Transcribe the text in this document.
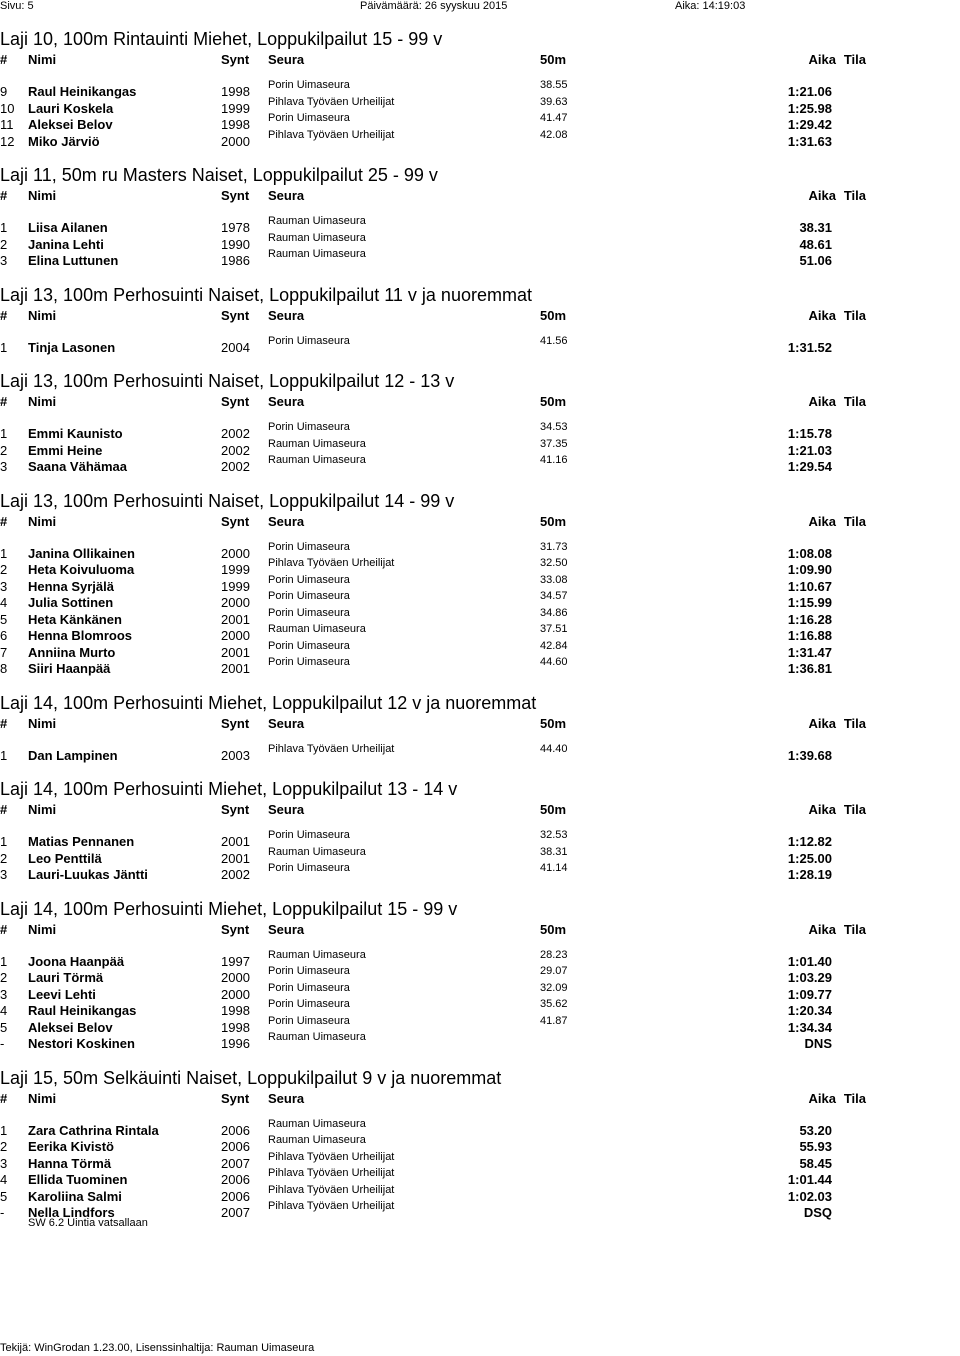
Sivu: 5	Päivämäärä: 26 syyskuu 2015	Aika: 14:19:03
Laji 10, 100m Rintauinti Miehet, Loppukilpailut 15 - 99 v
# Nimi	Synt Seura	50m	Aika Tila
9 Raul Heinikangas	1998 Porin Uimaseura	38.55	1:21.06
10 Lauri Koskela	1999 Pihlava Työväen Urheilijat	39.63	1:25.98
11 Aleksei Belov	1998 Porin Uimaseura	41.47	1:29.42
12 Miko Järviö	2000 Pihlava Työväen Urheilijat	42.08	1:31.63
Laji 11, 50m ru Masters Naiset, Loppukilpailut 25 - 99 v
# Nimi	Synt Seura	Aika Tila
1 Liisa Ailanen	1978 Rauman Uimaseura	38.31
2 Janina Lehti	1990 Rauman Uimaseura	48.61
3 Elina Luttunen	1986 Rauman Uimaseura	51.06
Laji 13, 100m Perhosuinti Naiset, Loppukilpailut 11 v ja nuoremmat
# Nimi	Synt Seura	50m	Aika Tila
1 Tinja Lasonen	2004 Porin Uimaseura	41.56	1:31.52
Laji 13, 100m Perhosuinti Naiset, Loppukilpailut 12 - 13 v
# Nimi	Synt Seura	50m	Aika Tila
1 Emmi Kaunisto	2002 Porin Uimaseura	34.53	1:15.78
2 Emmi Heine	2002 Rauman Uimaseura	37.35	1:21.03
3 Saana Vähämaa	2002 Rauman Uimaseura	41.16	1:29.54
Laji 13, 100m Perhosuinti Naiset, Loppukilpailut 14 - 99 v
# Nimi	Synt Seura	50m	Aika Tila
1 Janina Ollikainen	2000 Porin Uimaseura	31.73	1:08.08
2 Heta Koivuluoma	1999 Pihlava Työväen Urheilijat	32.50	1:09.90
3 Henna Syrjälä	1999 Porin Uimaseura	33.08	1:10.67
4 Julia Sottinen	2000 Porin Uimaseura	34.57	1:15.99
5 Heta Känkänen	2001 Porin Uimaseura	34.86	1:16.28
6 Henna Blomroos	2000 Rauman Uimaseura	37.51	1:16.88
7 Anniina Murto	2001 Porin Uimaseura	42.84	1:31.47
8 Siiri Haanpää	2001 Porin Uimaseura	44.60	1:36.81
Laji 14, 100m Perhosuinti Miehet, Loppukilpailut 12 v ja nuoremmat
# Nimi	Synt Seura	50m	Aika Tila
1 Dan Lampinen	2003 Pihlava Työväen Urheilijat	44.40	1:39.68
Laji 14, 100m Perhosuinti Miehet, Loppukilpailut 13 - 14 v
# Nimi	Synt Seura	50m	Aika Tila
1 Matias Pennanen	2001 Porin Uimaseura	32.53	1:12.82
2 Leo Penttilä	2001 Rauman Uimaseura	38.31	1:25.00
3 Lauri-Luukas Jäntti	2002 Porin Uimaseura	41.14	1:28.19
Laji 14, 100m Perhosuinti Miehet, Loppukilpailut 15 - 99 v
# Nimi	Synt Seura	50m	Aika Tila
1 Joona Haanpää	1997 Rauman Uimaseura	28.23	1:01.40
2 Lauri Törmä	2000 Porin Uimaseura	29.07	1:03.29
3 Leevi Lehti	2000 Porin Uimaseura	32.09	1:09.77
4 Raul Heinikangas	1998 Porin Uimaseura	35.62	1:20.34
5 Aleksei Belov	1998 Porin Uimaseura	41.87	1:34.34
- Nestori Koskinen	1996 Rauman Uimaseura	DNS
Laji 15, 50m Selkäuinti Naiset, Loppukilpailut 9 v ja nuoremmat
# Nimi	Synt Seura	Aika Tila
1 Zara Cathrina Rintala	2006 Rauman Uimaseura	53.20
2 Eerika Kivistö	2006 Rauman Uimaseura	55.93
3 Hanna Törmä	2007 Pihlava Työväen Urheilijat	58.45
4 Ellida Tuominen	2006 Pihlava Työväen Urheilijat	1:01.44
5 Karoliina Salmi	2006 Pihlava Työväen Urheilijat	1:02.03
- Nella Lindfors	2007 Pihlava Työväen Urheilijat	DSQ
SW 6.2 Uintia vatsallaan
Tekijä: WinGrodan 1.23.00, Lisenssinhaltija: Rauman Uimaseura
